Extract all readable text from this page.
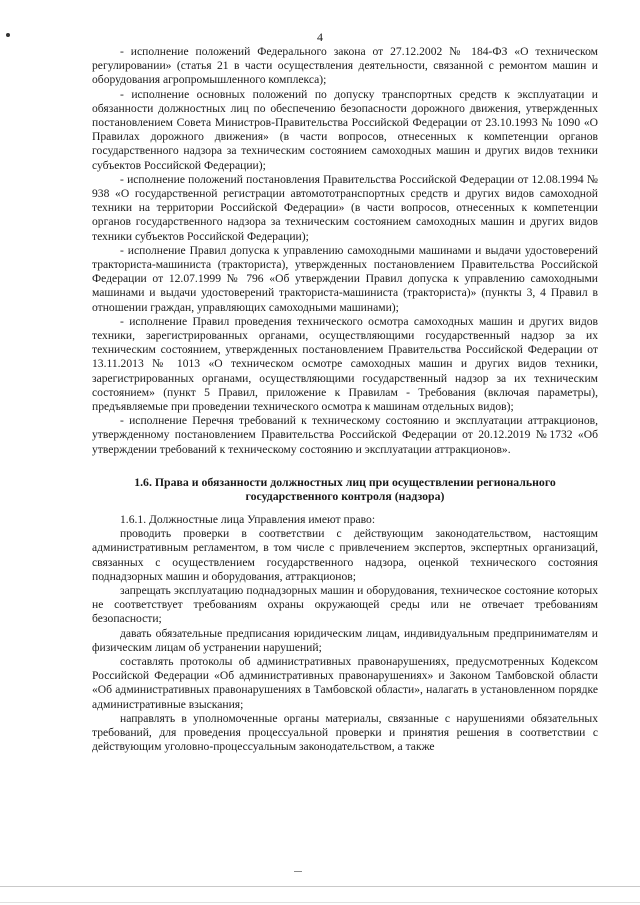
4

- исполнение положений Федерального закона от 27.12.2002 № 184-ФЗ «О техническом регулировании» (статья 21 в части осуществления деятельности, связанной с ремонтом машин и оборудования агропромышленного комплекса);

- исполнение основных положений по допуску транспортных средств к эксплуатации и обязанности должностных лиц по обеспечению безопасности дорожного движения, утвержденных постановлением Совета Министров-Правительства Российской Федерации от 23.10.1993 № 1090 «О Правилах дорожного движения» (в части вопросов, отнесенных к компетенции органов государственного надзора за техническим состоянием самоходных машин и других видов техники субъектов Российской Федерации);

- исполнение положений постановления Правительства Российской Федерации от 12.08.1994 № 938 «О государственной регистрации автомототранспортных средств и других видов самоходной техники на территории Российской Федерации» (в части вопросов, отнесенных к компетенции органов государственного надзора за техническим состоянием самоходных машин и других видов техники субъектов Российской Федерации);

- исполнение Правил допуска к управлению самоходными машинами и выдачи удостоверений тракториста-машиниста (тракториста), утвержденных постановлением Правительства Российской Федерации от 12.07.1999 № 796 «Об утверждении Правил допуска к управлению самоходными машинами и выдачи удостоверений тракториста-машиниста (тракториста)» (пункты 3, 4 Правил в отношении граждан, управляющих самоходными машинами);

- исполнение Правил проведения технического осмотра самоходных машин и других видов техники, зарегистрированных органами, осуществляющими государственный надзор за их техническим состоянием, утвержденных постановлением Правительства Российской Федерации от 13.11.2013 № 1013 «О техническом осмотре самоходных машин и других видов техники, зарегистрированных органами, осуществляющими государственный надзор за их техническим состоянием» (пункт 5 Правил, приложение к Правилам - Требования (включая параметры), предъявляемые при проведении технического осмотра к машинам отдельных видов);

- исполнение Перечня требований к техническому состоянию и эксплуатации аттракционов, утвержденному постановлением Правительства Российской Федерации от 20.12.2019 №1732 «Об утверждении требований к техническому состоянию и эксплуатации аттракционов».

1.6. Права и обязанности должностных лиц при осуществлении регионального государственного контроля (надзора)

1.6.1. Должностные лица Управления имеют право:

проводить проверки в соответствии с действующим законодательством, настоящим административным регламентом, в том числе с привлечением экспертов, экспертных организаций, связанных с осуществлением государственного надзора, оценкой технического состояния поднадзорных машин и оборудования, аттракционов;

запрещать эксплуатацию поднадзорных машин и оборудования, техническое состояние которых не соответствует требованиям охраны окружающей среды или не отвечает требованиям безопасности;

давать обязательные предписания юридическим лицам, индивидуальным предпринимателям и физическим лицам об устранении нарушений;

составлять протоколы об административных правонарушениях, предусмотренных Кодексом Российской Федерации «Об административных правонарушениях» и Законом Тамбовской области «Об административных правонарушениях в Тамбовской области», налагать в установленном порядке административные взыскания;

направлять в уполномоченные органы материалы, связанные с нарушениями обязательных требований, для проведения процессуальной проверки и принятия решения в соответствии с действующим уголовно-процессуальным законодательством, а также
